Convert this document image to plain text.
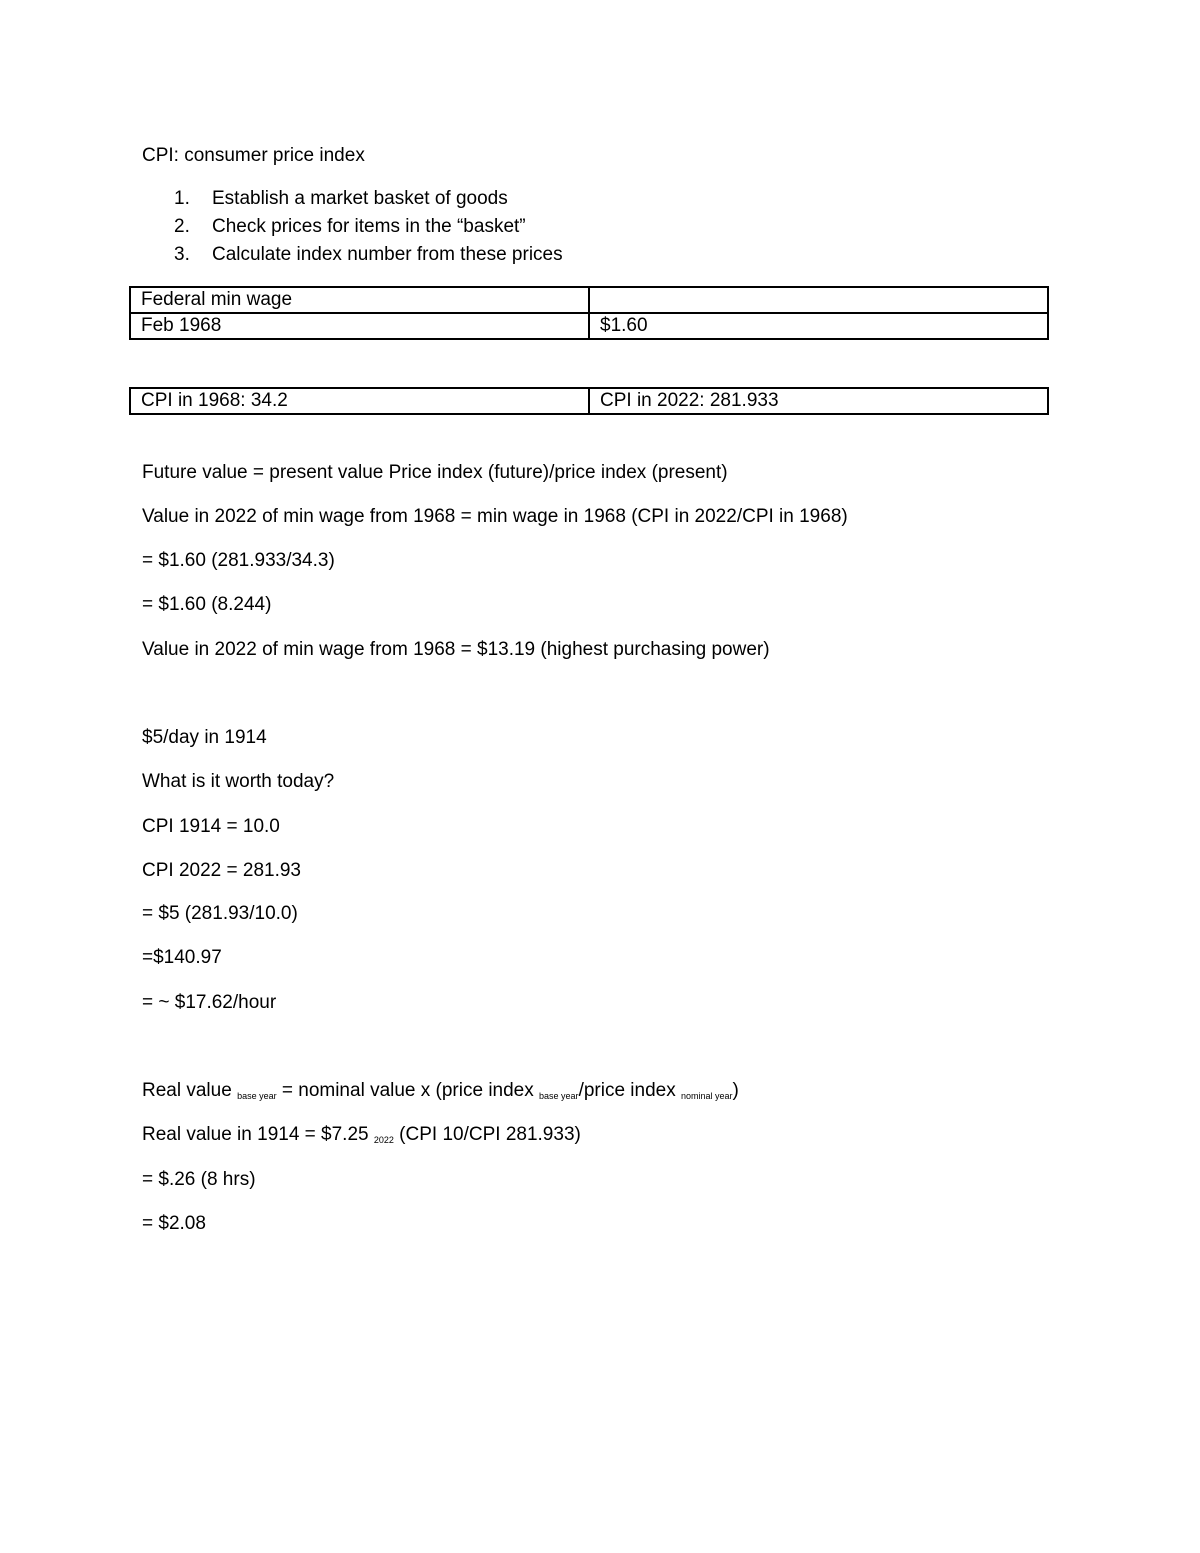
CPI: consumer price index
1.	Establish a market basket of goods
2.	Check prices for items in the “basket”
3.	Calculate index number from these prices
Federal min wage	
Feb 1968	$1.60
CPI in 1968: 34.2	CPI in 2022: 281.933
Future value = present value Price index (future)/price index (present)
Value in 2022 of min wage from 1968 = min wage in 1968 (CPI in 2022/CPI in 1968)
= $1.60 (281.933/34.3)
= $1.60 (8.244)
Value in 2022 of min wage from 1968 = $13.19 (highest purchasing power)
$5/day in 1914
What is it worth today?
CPI 1914 = 10.0
CPI 2022 = 281.93
= $5 (281.93/10.0)
=$140.97
= ~ $17.62/hour
Real value $_{base year}$ = nominal value x (price index $_{base year}$/price index $_{nominal year}$)
Real value in 1914 = $7.25 $_{2022}$ (CPI 10/CPI 281.933)
= $.26 (8 hrs)
= $2.08
